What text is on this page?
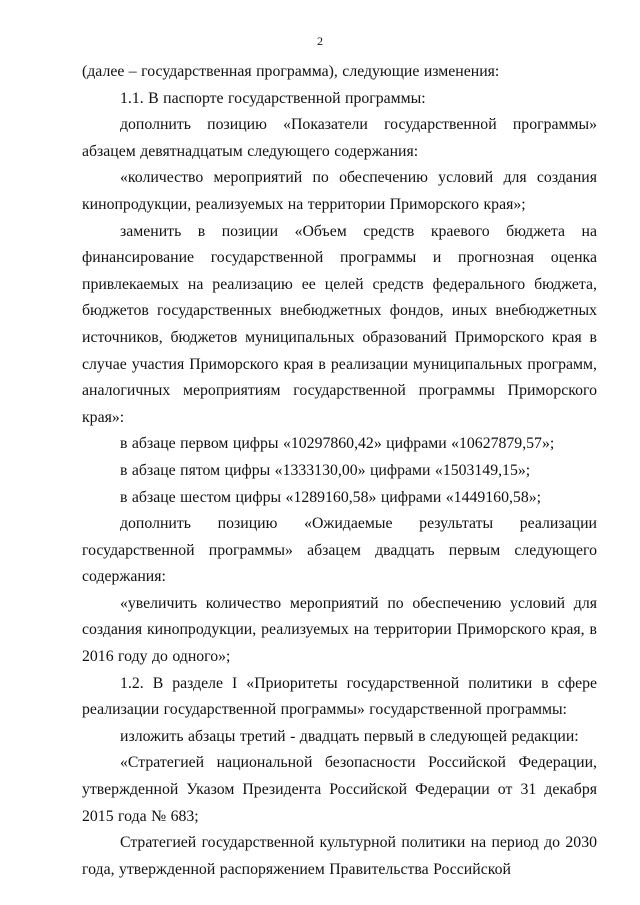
2

(далее – государственная программа), следующие изменения:

1.1. В паспорте государственной программы:

дополнить позицию «Показатели государственной программы» абзацем девятнадцатым следующего содержания:

«количество мероприятий по обеспечению условий для создания кинопродукции, реализуемых на территории Приморского края»;

заменить в позиции «Объем средств краевого бюджета на финансирование государственной программы и прогнозная оценка привлекаемых на реализацию ее целей средств федерального бюджета, бюджетов государственных внебюджетных фондов, иных внебюджетных источников, бюджетов муниципальных образований Приморского края в случае участия Приморского края в реализации муниципальных программ, аналогичных мероприятиям государственной программы Приморского края»:

в абзаце первом цифры «10297860,42» цифрами «10627879,57»;

в абзаце пятом цифры «1333130,00» цифрами «1503149,15»;

в абзаце шестом цифры «1289160,58» цифрами «1449160,58»;

дополнить позицию «Ожидаемые результаты реализации государственной программы» абзацем двадцать первым следующего содержания:

«увеличить количество мероприятий по обеспечению условий для создания кинопродукции, реализуемых на территории Приморского края, в 2016 году до одного»;

1.2. В разделе I «Приоритеты государственной политики в сфере реализации государственной программы» государственной программы:

изложить абзацы третий - двадцать первый в следующей редакции:

«Стратегией национальной безопасности Российской Федерации, утвержденной Указом Президента Российской Федерации от 31 декабря 2015 года № 683;

Стратегией государственной культурной политики на период до 2030 года, утвержденной распоряжением Правительства Российской
